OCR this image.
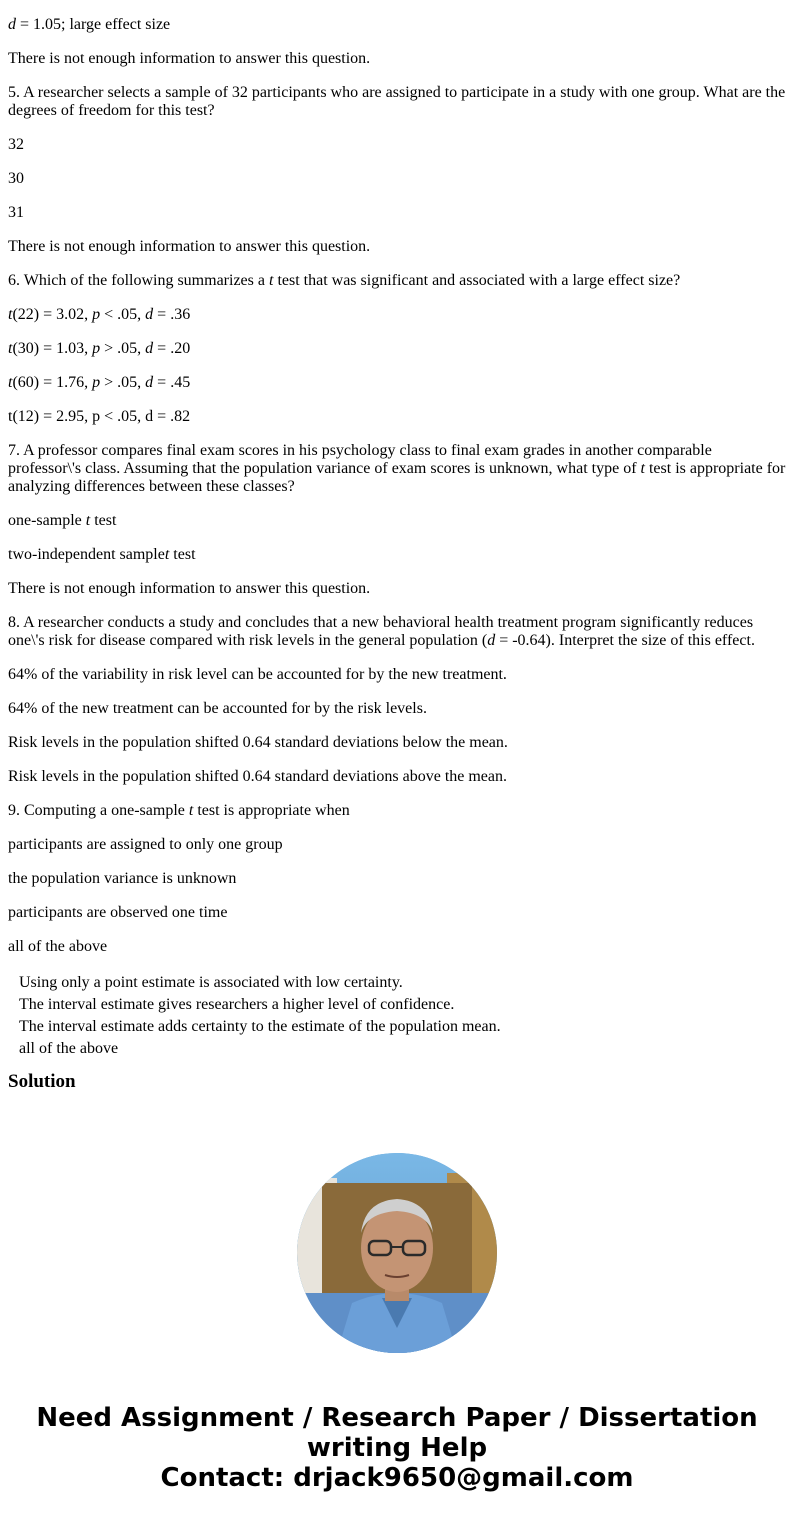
d = 1.05; large effect size
There is not enough information to answer this question.
5. A researcher selects a sample of 32 participants who are assigned to participate in a study with one group. What are the degrees of freedom for this test?
32
30
31
There is not enough information to answer this question.
6. Which of the following summarizes a t test that was significant and associated with a large effect size?
t(22) = 3.02, p < .05, d = .36
t(30) = 1.03, p > .05, d = .20
t(60) = 1.76, p > .05, d = .45
t(12) = 2.95, p < .05, d = .82
7. A professor compares final exam scores in his psychology class to final exam grades in another comparable professor\'s class. Assuming that the population variance of exam scores is unknown, what type of t test is appropriate for analyzing differences between these classes?
one-sample t test
two-independent samplet test
There is not enough information to answer this question.
8. A researcher conducts a study and concludes that a new behavioral health treatment program significantly reduces one\'s risk for disease compared with risk levels in the general population (d = -0.64). Interpret the size of this effect.
64% of the variability in risk level can be accounted for by the new treatment.
64% of the new treatment can be accounted for by the risk levels.
Risk levels in the population shifted 0.64 standard deviations below the mean.
Risk levels in the population shifted 0.64 standard deviations above the mean.
9. Computing a one-sample t test is appropriate when
participants are assigned to only one group
the population variance is unknown
participants are observed one time
all of the above
Using only a point estimate is associated with low certainty.
The interval estimate gives researchers a higher level of confidence.
The interval estimate adds certainty to the estimate of the population mean.
all of the above
Solution
Need Assignment / Research Paper / Dissertation
writing Help
Contact: drjack9650@gmail.com
